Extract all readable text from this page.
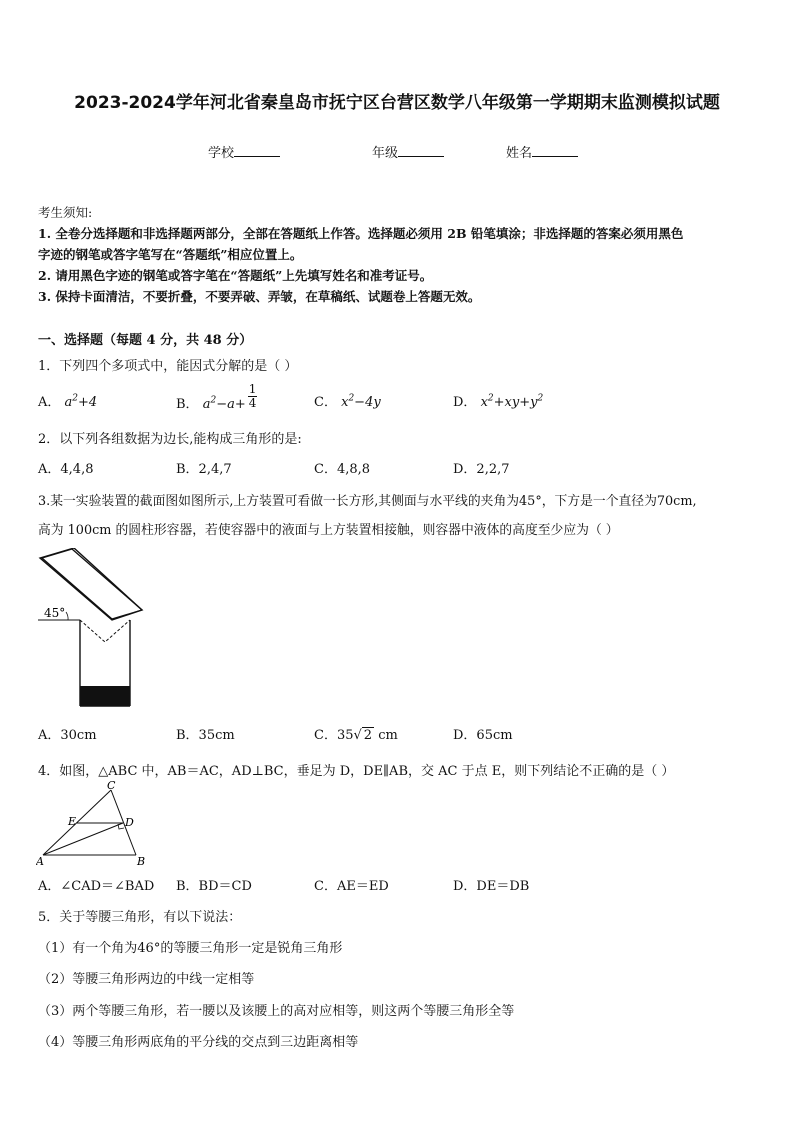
2023-2024学年河北省秦皇岛市抚宁区台营区数学八年级第一学期期末监测模拟试题
学校	年级	姓名
考生须知:
1. 全卷分选择题和非选择题两部分，全部在答题纸上作答。选择题必须用 2B 铅笔填涂；非选择题的答案必须用黑色
字迹的钢笔或答字笔写在“答题纸”相应位置上。
2. 请用黑色字迹的钢笔或答字笔在“答题纸”上先填写姓名和准考证号。
3. 保持卡面清洁，不要折叠，不要弄破、弄皱，在草稿纸、试题卷上答题无效。
一、选择题（每题 4 分，共 48 分）
1．下列四个多项式中，能因式分解的是（ ）
A． $a^2+4$	B． $a^2-a+ \frac{1}{4}$	C． $x^2-4y$	D． $x^2+xy+y^2$
2．以下列各组数据为边长,能构成三角形的是:
A．4,4,8	B．2,4,7	C．4,8,8	D．2,2,7
3.某一实验装置的截面图如图所示,上方装置可看做一长方形,其侧面与水平线的夹角为45°，下方是一个直径为70cm,
高为 100cm 的圆柱形容器，若使容器中的液面与上方装置相接触，则容器中液体的高度至少应为（ ）
45°
A．30cm	B．35cm	C．35√ 2 cm	D．65cm
4．如图，△ABC 中，AB＝AC，AD⊥BC，垂足为 D，DE∥AB，交 AC 于点 E，则下列结论不正确的是（ ）
A	B
C
D
E
A．∠CAD＝∠BAD B．BD＝CD	C．AE＝ED	D．DE＝DB
5．关于等腰三角形，有以下说法：
（1）有一个角为46°的等腰三角形一定是锐角三角形
（2）等腰三角形两边的中线一定相等
（3）两个等腰三角形，若一腰以及该腰上的高对应相等，则这两个等腰三角形全等
（4）等腰三角形两底角的平分线的交点到三边距离相等
